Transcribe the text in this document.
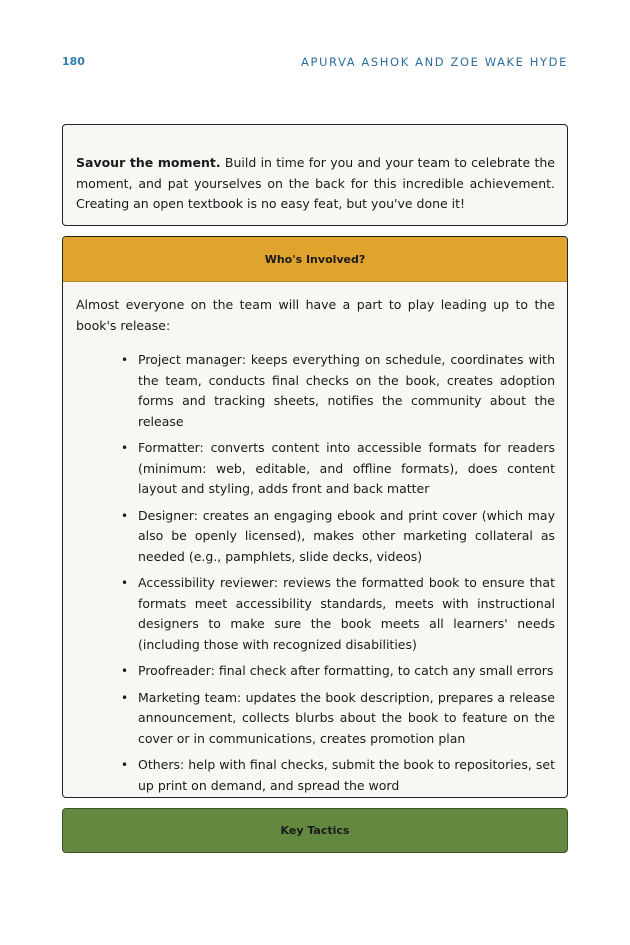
180	APURVA ASHOK AND ZOE WAKE HYDE

Savour the moment. Build in time for you and your team to celebrate the moment, and pat yourselves on the back for this incredible achievement. Creating an open textbook is no easy feat, but you've done it!

Who's Involved?

Almost everyone on the team will have a part to play leading up to the book's release:

• Project manager: keeps everything on schedule, coordinates with the team, conducts final checks on the book, creates adoption forms and tracking sheets, notifies the community about the release
• Formatter: converts content into accessible formats for readers (minimum: web, editable, and offline formats), does content layout and styling, adds front and back matter
• Designer: creates an engaging ebook and print cover (which may also be openly licensed), makes other marketing collateral as needed (e.g., pamphlets, slide decks, videos)
• Accessibility reviewer: reviews the formatted book to ensure that formats meet accessibility standards, meets with instructional designers to make sure the book meets all learners' needs (including those with recognized disabilities)
• Proofreader: final check after formatting, to catch any small errors
• Marketing team: updates the book description, prepares a release announcement, collects blurbs about the book to feature on the cover or in communications, creates promotion plan
• Others: help with final checks, submit the book to repositories, set up print on demand, and spread the word
Key Tactics
